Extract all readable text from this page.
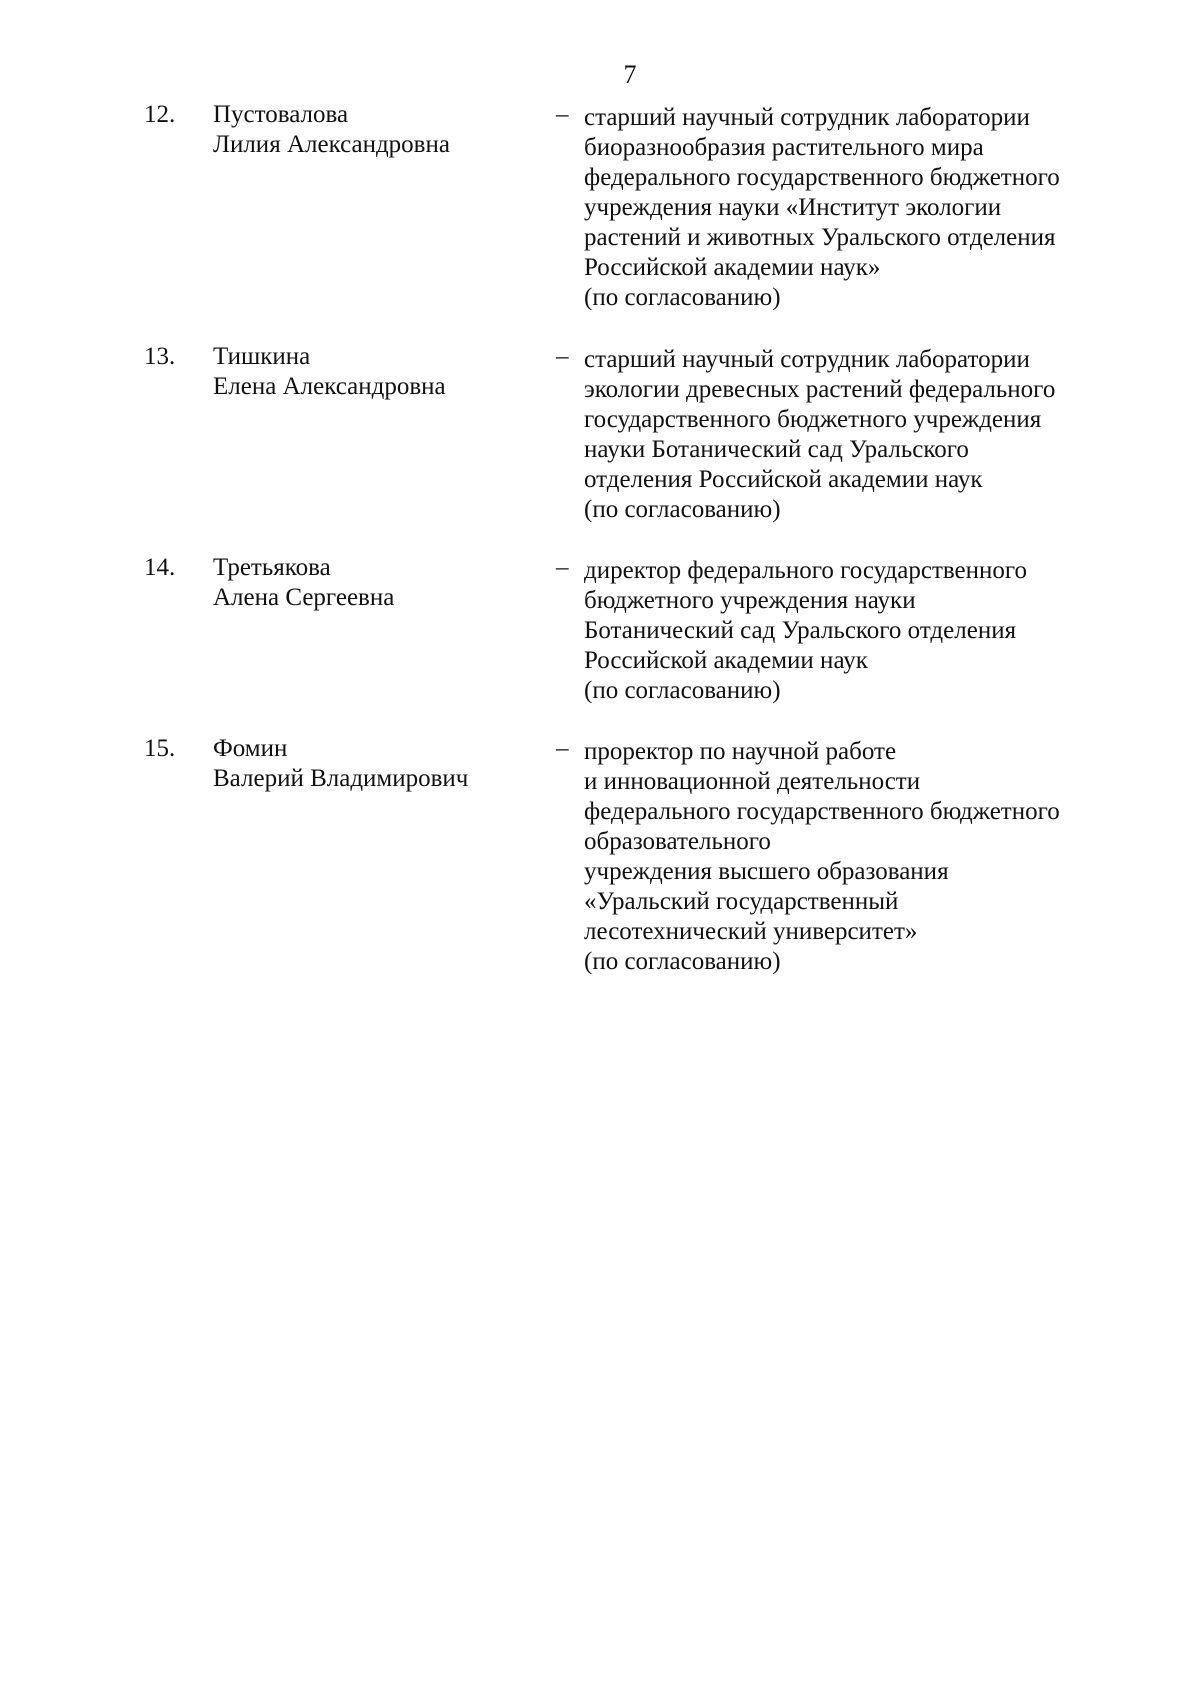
7
12. Пустовалова
Лилия Александровна
– старший научный сотрудник лаборатории
биоразнообразия растительного мира
федерального государственного бюджетного
учреждения науки «Институт экологии
растений и животных Уральского отделения
Российской академии наук»
(по согласованию)
13. Тишкина
Елена Александровна
– старший научный сотрудник лаборатории
экологии древесных растений федерального
государственного бюджетного учреждения
науки Ботанический сад Уральского
отделения Российской академии наук
(по согласованию)
14. Третьякова
Алена Сергеевна
– директор федерального государственного
бюджетного учреждения науки
Ботанический сад Уральского отделения
Российской академии наук
(по согласованию)
15. Фомин
Валерий Владимирович
– проректор по научной работе
и инновационной деятельности
федерального государственного бюджетного
образовательного
учреждения высшего образования
«Уральский государственный
лесотехнический университет»
(по согласованию)
